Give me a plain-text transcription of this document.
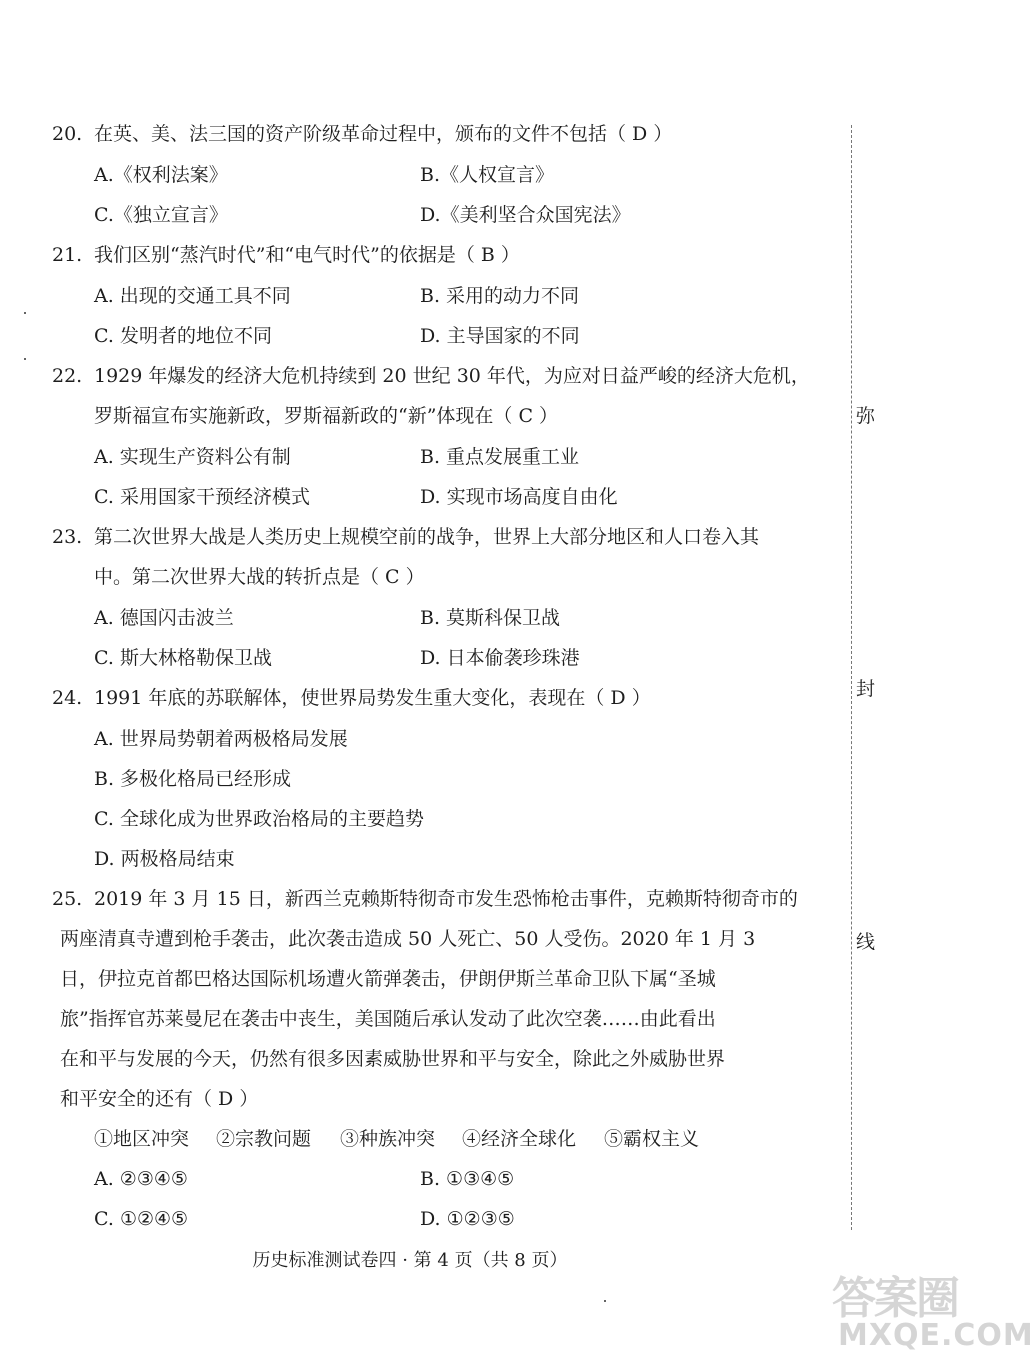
20. 在英、美、法三国的资产阶级革命过程中，颁布的文件不包括（ D ）
A.《权利法案》	B.《人权宣言》
C.《独立宣言》	D.《美利坚合众国宪法》
21. 我们区别“蒸汽时代”和“电气时代”的依据是（ B ）
A. 出现的交通工具不同	B. 采用的动力不同
C. 发明者的地位不同	D. 主导国家的不同
22. 1929 年爆发的经济大危机持续到 20 世纪 30 年代，为应对日益严峻的经济大危机，
罗斯福宣布实施新政，罗斯福新政的“新”体现在（ C ）
A. 实现生产资料公有制	B. 重点发展重工业
C. 采用国家干预经济模式	D. 实现市场高度自由化
23. 第二次世界大战是人类历史上规模空前的战争，世界上大部分地区和人口卷入其
中。第二次世界大战的转折点是（ C ）
A. 德国闪击波兰	B. 莫斯科保卫战
C. 斯大林格勒保卫战	D. 日本偷袭珍珠港
24. 1991 年底的苏联解体，使世界局势发生重大变化，表现在（ D ）
A. 世界局势朝着两极格局发展
B. 多极化格局已经形成
C. 全球化成为世界政治格局的主要趋势
D. 两极格局结束
25. 2019 年 3 月 15 日，新西兰克赖斯特彻奇市发生恐怖枪击事件，克赖斯特彻奇市的
两座清真寺遭到枪手袭击，此次袭击造成 50 人死亡、50 人受伤。2020 年 1 月 3
日，伊拉克首都巴格达国际机场遭火箭弹袭击，伊朗伊斯兰革命卫队下属“圣城
旅”指挥官苏莱曼尼在袭击中丧生，美国随后承认发动了此次空袭……由此看出
在和平与发展的今天，仍然有很多因素威胁世界和平与安全，除此之外威胁世界
和平安全的还有（ D ）
①地区冲突 ②宗教问题 ③种族冲突 ④经济全球化 ⑤霸权主义
A. ②③④⑤	B. ①③④⑤
C. ①②④⑤	D. ①②③⑤
弥
封
线
历史标准测试卷四 · 第 4 页（共 8 页）
答案圈
MXQE.COM
